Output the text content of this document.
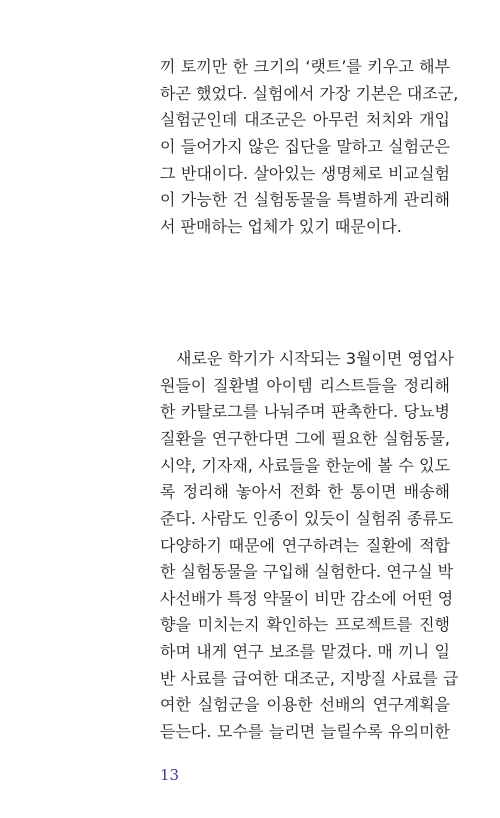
끼 토끼만 한 크기의 ‘랫트’를 키우고 해부
하곤 했었다. 실험에서 가장 기본은 대조군,
실험군인데 대조군은 아무런 처치와 개입
이 들어가지 않은 집단을 말하고 실험군은
그 반대이다. 살아있는 생명체로 비교실험
이 가능한 건 실험동물을 특별하게 관리해
서 판매하는 업체가 있기 때문이다.
새로운 학기가 시작되는 3월이면 영업사
원들이 질환별 아이템 리스트들을 정리해
한 카탈로그를 나눠주며 판촉한다. 당뇨병
질환을 연구한다면 그에 필요한 실험동물,
시약, 기자재, 사료들을 한눈에 볼 수 있도
록 정리해 놓아서 전화 한 통이면 배송해
준다. 사람도 인종이 있듯이 실험쥐 종류도
다양하기 때문에 연구하려는 질환에 적합
한 실험동물을 구입해 실험한다. 연구실 박
사선배가 특정 약물이 비만 감소에 어떤 영
향을 미치는지 확인하는 프로젝트를 진행
하며 내게 연구 보조를 맡겼다. 매 끼니 일
반 사료를 급여한 대조군, 지방질 사료를 급
여한 실험군을 이용한 선배의 연구계획을
듣는다. 모수를 늘리면 늘릴수록 유의미한
13
